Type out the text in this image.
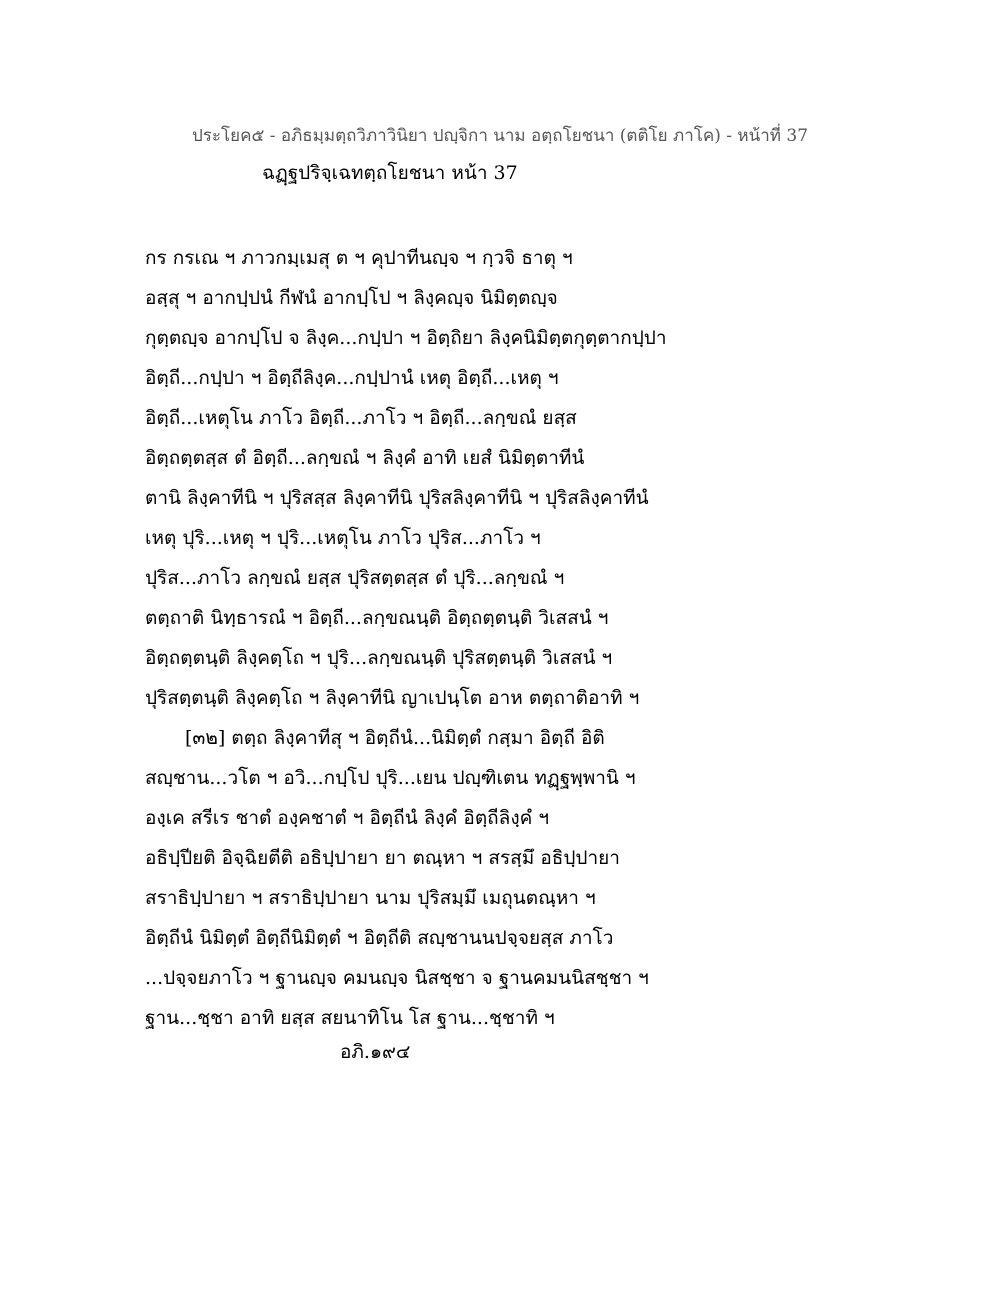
ประโยค๕ - อภิธมฺมตฺถวิภาวินิยา ปญฺจิกา นาม อตฺถโยชนา (ตติโย ภาโค) - หน้าที่ 37
ฉฏฺฐปริจฺเฉทตฺถโยชนา หน้า 37
กร กรเณ ฯ ภาวกมฺเมสุ ต ฯ คุปาทีนญฺจ ฯ กฺวจิ ธาตุ ฯ
อสฺสุ ฯ อากปฺปนํ กีฬนํ อากปฺโป ฯ ลิงฺคญฺจ นิมิตฺตญฺจ
กุตฺตญฺจ อากปฺโป จ ลิงฺค...กปฺปา ฯ อิตฺถิยา ลิงฺคนิมิตฺตกุตฺตากปฺปา
อิตฺถี...กปฺปา ฯ อิตฺถีลิงฺค...กปฺปานํ เหตุ อิตฺถี...เหตุ ฯ
อิตฺถี...เหตุโน ภาโว อิตฺถี...ภาโว ฯ อิตฺถี...ลกฺขณํ ยสฺส
อิตฺถตฺตสฺส ตํ อิตฺถี...ลกฺขณํ ฯ ลิงฺคํ อาทิ เยสํ นิมิตฺตาทีนํ
ตานิ ลิงฺคาทีนิ ฯ ปุริสสฺส ลิงฺคาทีนิ ปุริสลิงฺคาทีนิ ฯ ปุริสลิงฺคาทีนํ
เหตุ ปุริ...เหตุ ฯ ปุริ...เหตุโน ภาโว ปุริส...ภาโว ฯ
ปุริส...ภาโว ลกฺขณํ ยสฺส ปุริสตฺตสฺส ตํ ปุริ...ลกฺขณํ ฯ
ตตฺถาติ นิทฺธารณํ ฯ อิตฺถี...ลกฺขณนฺติ อิตฺถตฺตนฺติ วิเสสนํ ฯ
อิตฺถตฺตนฺติ ลิงฺคตฺโถ ฯ ปุริ...ลกฺขณนฺติ ปุริสตฺตนฺติ วิเสสนํ ฯ
ปุริสตฺตนฺติ ลิงฺคตฺโถ ฯ ลิงฺคาทีนิ ญาเปนฺโต อาห ตตฺถาติอาทิ ฯ
[๓๒] ตตฺถ ลิงฺคาทีสุ ฯ อิตฺถีนํ...นิมิตฺตํ กสฺมา อิตฺถี อิติ
สญฺชาน...วโต ฯ อวิ...กปฺโป ปุริ...เยน ปญฺฑิเตน ทฏฺฐพฺพานิ ฯ
องฺเค สรีเร ชาตํ องฺคชาตํ ฯ อิตฺถีนํ ลิงฺคํ อิตฺถีลิงฺคํ ฯ
อธิปฺปียติ อิจฺฉิยตีติ อธิปฺปายา ยา ตณฺหา ฯ สรสฺมึ อธิปฺปายา
สราธิปฺปายา ฯ สราธิปฺปายา นาม ปุริสมฺมึ เมถุนตณฺหา ฯ
อิตฺถีนํ นิมิตฺตํ อิตฺถีนิมิตฺตํ ฯ อิตฺถีติ สญฺชานนปจฺจยสฺส ภาโว
...ปจฺจยภาโว ฯ ฐานญฺจ คมนญฺจ นิสชฺชา จ ฐานคมนนิสชฺชา ฯ
ฐาน...ชฺชา อาทิ ยสฺส สยนาทิโน โส ฐาน...ชฺชาทิ ฯ
อภิ.๑๙๔
